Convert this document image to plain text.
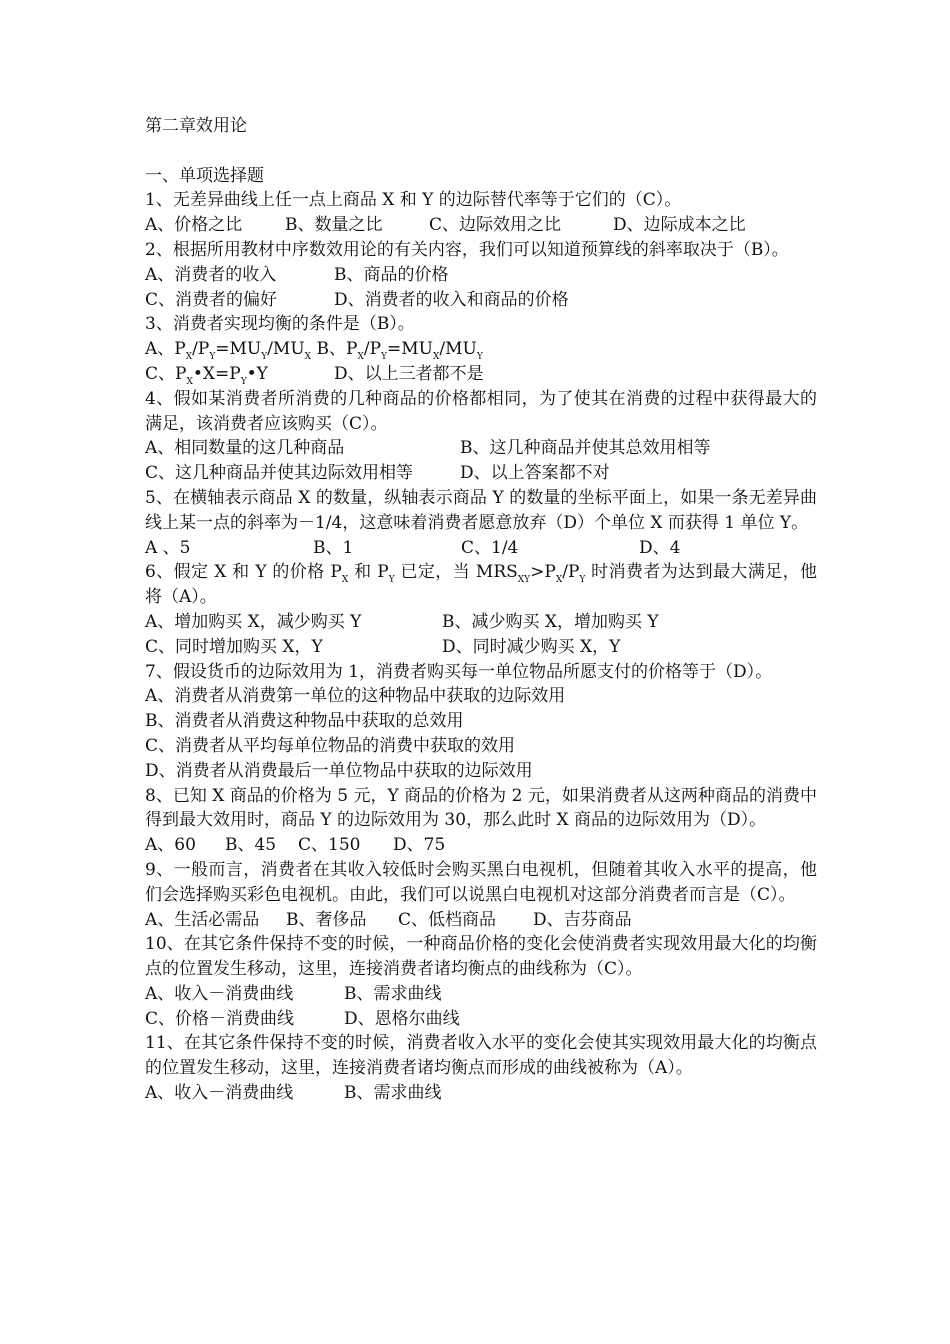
第二章效用论
一、单项选择题
1、无差异曲线上任一点上商品 X 和 Y 的边际替代率等于它们的（C）。
A、价格之比	B、数量之比	C、边际效用之比	D、边际成本之比
2、根据所用教材中序数效用论的有关内容，我们可以知道预算线的斜率取决于（B）。
A、消费者的收入	B、商品的价格
C、消费者的偏好	D、消费者的收入和商品的价格
3、消费者实现均衡的条件是（B）。
A、$P_X/P_Y=MU_Y/MU_X$ B、$P_X/P_Y=MU_X/MU_Y$
C、$P_X•X=P_Y•Y$	D、以上三者都不是
4、假如某消费者所消费的几种商品的价格都相同，为了使其在消费的过程中获得最大的满足，该消费者应该购买（C）。
A、相同数量的这几种商品	B、这几种商品并使其总效用相等
C、这几种商品并使其边际效用相等	D、以上答案都不对
5、在横轴表示商品 X 的数量，纵轴表示商品 Y 的数量的坐标平面上，如果一条无差异曲线上某一点的斜率为－1/4，这意味着消费者愿意放弃（D）个单位 X 而获得 1 单位 Y。
A 、5	B、1	C、1/4	D、4
6、假定 X 和 Y 的价格 $P_X$ 和 $P_Y$ 已定，当 $MRS_{XY}>P_X/P_Y$ 时消费者为达到最大满足，他将（A）。
A、增加购买 X，减少购买 Y	B、减少购买 X，增加购买 Y
C、同时增加购买 X，Y	D、同时减少购买 X，Y
7、假设货币的边际效用为 1，消费者购买每一单位物品所愿支付的价格等于（D）。
A、消费者从消费第一单位的这种物品中获取的边际效用
B、消费者从消费这种物品中获取的总效用
C、消费者从平均每单位物品的消费中获取的效用
D、消费者从消费最后一单位物品中获取的边际效用
8、已知 X 商品的价格为 5 元，Y 商品的价格为 2 元，如果消费者从这两种商品的消费中得到最大效用时，商品 Y 的边际效用为 30，那么此时 X 商品的边际效用为（D）。
A、60 B、45 C、150 D、75
9、一般而言，消费者在其收入较低时会购买黑白电视机，但随着其收入水平的提高，他们会选择购买彩色电视机。由此，我们可以说黑白电视机对这部分消费者而言是（C）。
A、生活必需品 B、奢侈品 C、低档商品 D、吉芬商品
10、在其它条件保持不变的时候，一种商品价格的变化会使消费者实现效用最大化的均衡点的位置发生移动，这里，连接消费者诸均衡点的曲线称为（C）。
A、收入－消费曲线	B、需求曲线
C、价格－消费曲线	D、恩格尔曲线
11、在其它条件保持不变的时候，消费者收入水平的变化会使其实现效用最大化的均衡点的位置发生移动，这里，连接消费者诸均衡点而形成的曲线被称为（A）。
A、收入－消费曲线	B、需求曲线
